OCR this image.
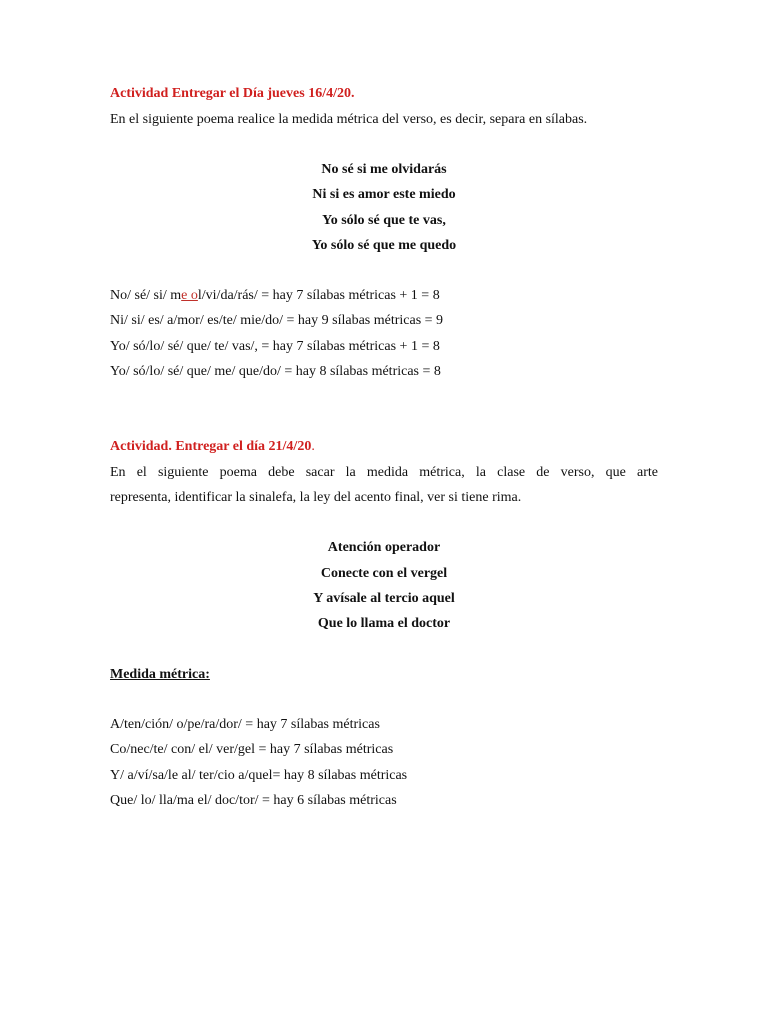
Actividad Entregar el Día jueves 16/4/20.
En el siguiente poema realice la medida métrica del verso, es decir, separa en sílabas.
No sé si me olvidarás
Ni si es amor este miedo
Yo sólo sé que te vas,
Yo sólo sé que me quedo
No/ sé/ si/ me ol/vi/da/rás/ = hay 7 sílabas métricas + 1 = 8
Ni/ si/ es/ a/mor/ es/te/ mie/do/ = hay 9 sílabas métricas = 9
Yo/ só/lo/ sé/ que/ te/ vas/, = hay 7 sílabas métricas + 1 = 8
Yo/ só/lo/ sé/ que/ me/ que/do/ = hay 8 sílabas métricas = 8
Actividad. Entregar el día 21/4/20.
En el siguiente poema debe sacar la medida métrica, la clase de verso, que arte
representa, identificar la sinalefa, la ley del acento final, ver si tiene rima.
Atención operador
Conecte con el vergel
Y avísale al tercio aquel
Que lo llama el doctor
Medida métrica:
A/ten/ción/ o/pe/ra/dor/ = hay 7 sílabas métricas
Co/nec/te/ con/ el/ ver/gel = hay 7 sílabas métricas
Y/ a/ví/sa/le al/ ter/cio a/quel= hay 8 sílabas métricas
Que/ lo/ lla/ma el/ doc/tor/ = hay 6 sílabas métricas
